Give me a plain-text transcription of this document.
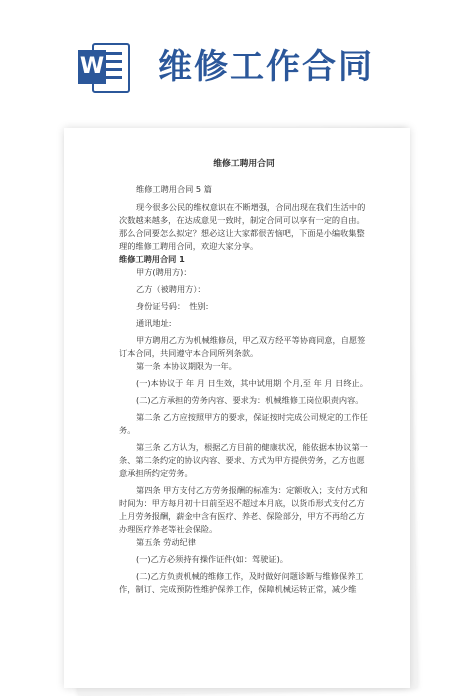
W 维修工作合同

维修工聘用合同

维修工聘用合同 5 篇

现今很多公民的维权意识在不断增强，合同出现在我们生活中的次数越来越多，在达成意见一致时，制定合同可以享有一定的自由。那么合同要怎么拟定？想必这让大家都很苦恼吧，下面是小编收集整理的维修工聘用合同，欢迎大家分享。

维修工聘用合同 1

甲方(聘用方)：

乙方（被聘用方）：

身份证号码：　性别:

通讯地址:

甲方聘用乙方为机械维修员，甲乙双方经平等协商同意，自愿签订本合同，共同遵守本合同所列条款。

第一条 本协议期限为一年。

(一)本协议于 年 月 日生效，其中试用期 个月,至 年 月 日终止。

(二)乙方承担的劳务内容、要求为：机械维修工岗位职责内容。

第二条 乙方应按照甲方的要求，保证按时完成公司规定的工作任务。

第三条 乙方认为，根据乙方目前的健康状况，能依据本协议第一条、第二条约定的协议内容、要求、方式为甲方提供劳务，乙方也愿意承担所约定劳务。

第四条 甲方支付乙方劳务报酬的标准为：定额收入；支付方式和时间为：甲方每月初十日前至迟不超过本月底，以货币形式支付乙方上月劳务报酬，薪金中含有医疗、养老、保险部分，甲方不再给乙方办理医疗养老等社会保险。

第五条 劳动纪律

(一)乙方必须持有操作证件(如：驾驶证)。

(二)乙方负责机械的维修工作，及时做好问题诊断与维修保养工作，制订、完成预防性维护保养工作，保障机械运转正常，减少维
